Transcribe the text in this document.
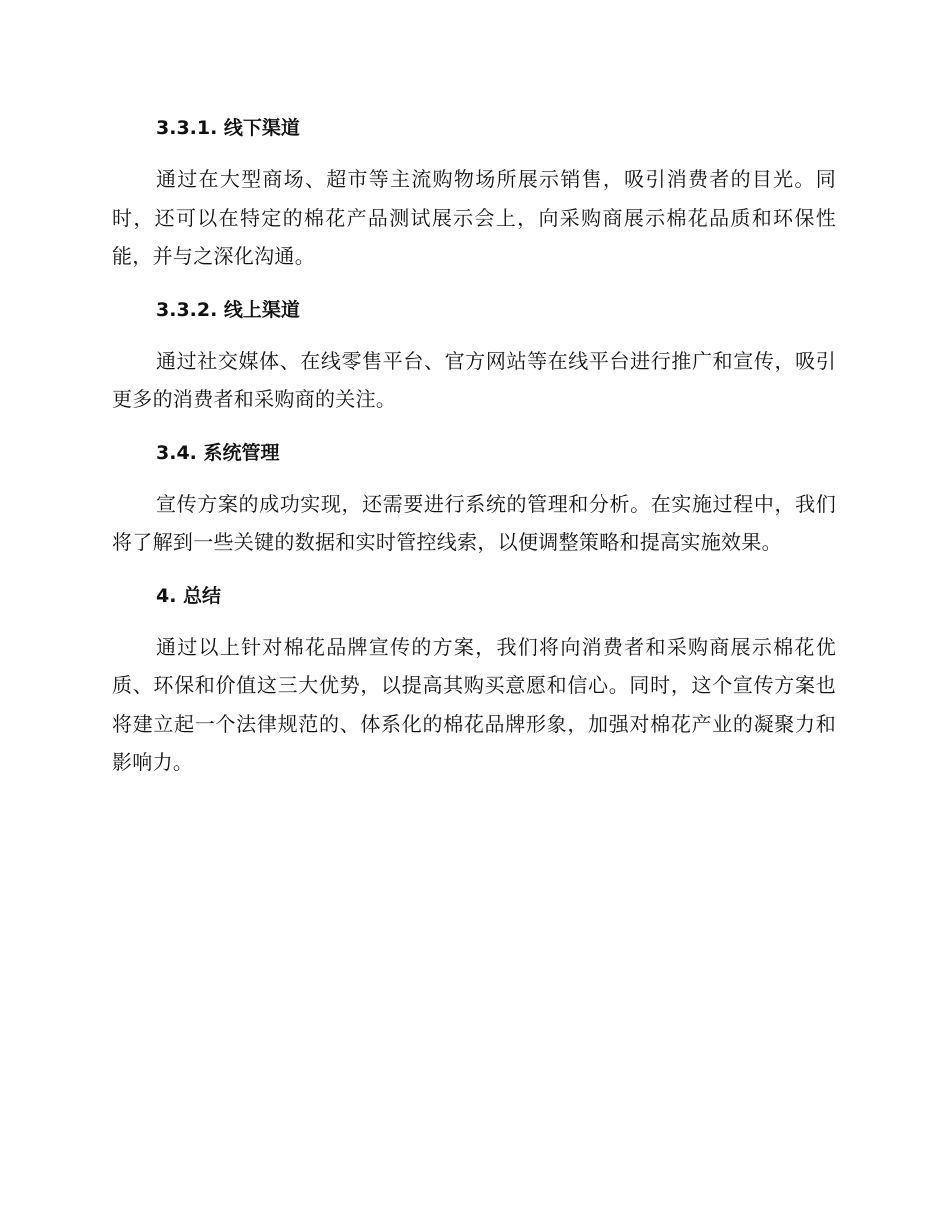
3.3.1. 线下渠道

通过在大型商场、超市等主流购物场所展示销售，吸引消费者的目光。同时，还可以在特定的棉花产品测试展示会上，向采购商展示棉花品质和环保性能，并与之深化沟通。

3.3.2. 线上渠道

通过社交媒体、在线零售平台、官方网站等在线平台进行推广和宣传，吸引更多的消费者和采购商的关注。

3.4. 系统管理

宣传方案的成功实现，还需要进行系统的管理和分析。在实施过程中，我们将了解到一些关键的数据和实时管控线索，以便调整策略和提高实施效果。

4. 总结

通过以上针对棉花品牌宣传的方案，我们将向消费者和采购商展示棉花优质、环保和价值这三大优势，以提高其购买意愿和信心。同时，这个宣传方案也将建立起一个法律规范的、体系化的棉花品牌形象，加强对棉花产业的凝聚力和影响力。
